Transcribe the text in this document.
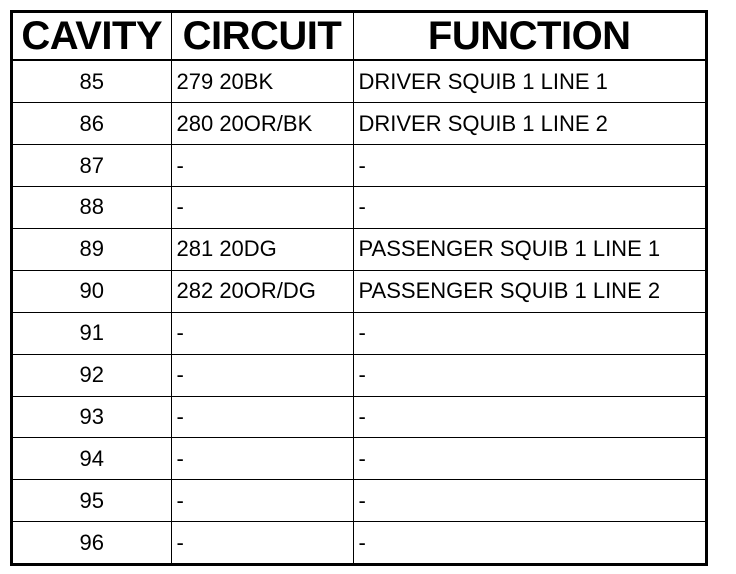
CAVITY	CIRCUIT	FUNCTION
85	279 20BK	DRIVER SQUIB 1 LINE 1
86	280 20OR/BK	DRIVER SQUIB 1 LINE 2
87	-	-
88	-	-
89	281 20DG	PASSENGER SQUIB 1 LINE 1
90	282 20OR/DG	PASSENGER SQUIB 1 LINE 2
91	-	-
92	-	-
93	-	-
94	-	-
95	-	-
96	-	-
